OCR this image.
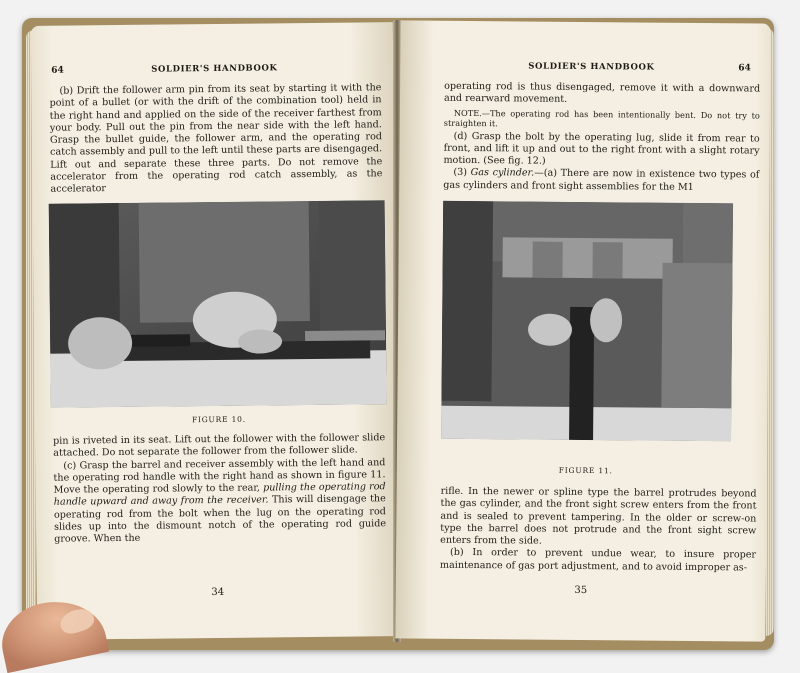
64	SOLDIER'S HANDBOOK

(b) Drift the follower arm pin from its seat by starting it with the point of a bullet (or with the drift of the combination tool) held in the right hand and applied on the side of the receiver farthest from your body. Pull out the pin from the near side with the left hand. Grasp the bullet guide, the follower arm, and the operating rod catch assembly and pull to the left until these parts are disengaged. Lift out and separate these three parts. Do not remove the accelerator from the operating rod catch assembly, as the accelerator

FIGURE 10.

pin is riveted in its seat. Lift out the follower with the follower slide attached. Do not separate the follower from the follower slide.

(c) Grasp the barrel and receiver assembly with the left hand and the operating rod handle with the right hand as shown in figure 11. Move the operating rod slowly to the rear, pulling the operating rod handle upward and away from the receiver. This will disengage the operating rod from the bolt when the lug on the operating rod slides up into the dismount notch of the operating rod guide groove. When the

34
SOLDIER'S HANDBOOK	64

operating rod is thus disengaged, remove it with a downward and rearward movement.

NOTE.—The operating rod has been intentionally bent. Do not try to straighten it.

(d) Grasp the bolt by the operating lug, slide it from rear to front, and lift it up and out to the right front with a slight rotary motion. (See fig. 12.)

(3) Gas cylinder.—(a) There are now in existence two types of gas cylinders and front sight assemblies for the M1

FIGURE 11.

rifle. In the newer or spline type the barrel protrudes beyond the gas cylinder, and the front sight screw enters from the front and is sealed to prevent tampering. In the older or screw-on type the barrel does not protrude and the front sight screw enters from the side.

(b) In order to prevent undue wear, to insure proper maintenance of gas port adjustment, and to avoid improper as-

35
